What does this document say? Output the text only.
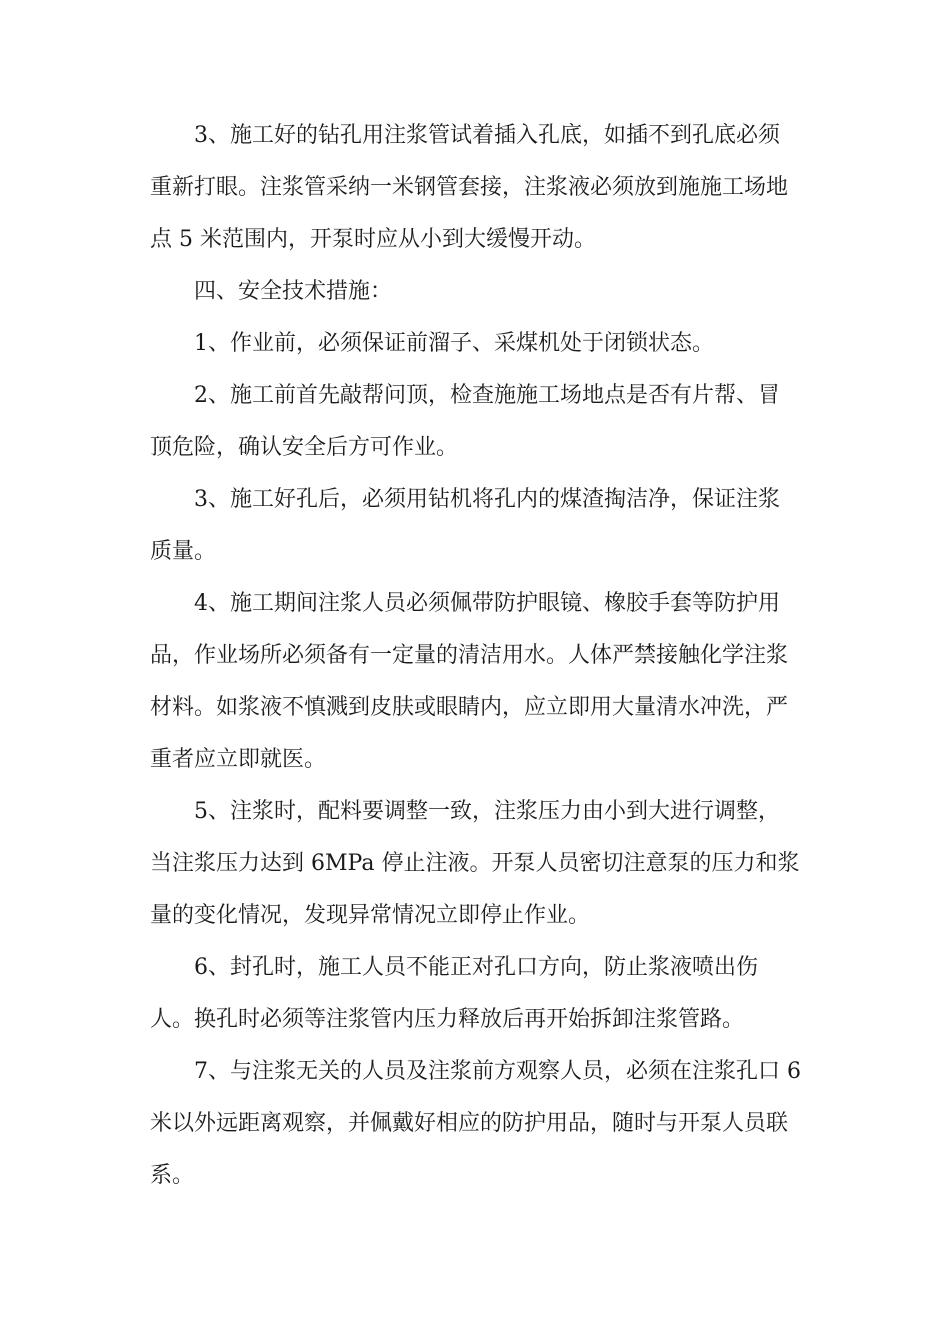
3、施工好的钻孔用注浆管试着插入孔底，如插不到孔底必须
重新打眼。注浆管采纳一米钢管套接，注浆液必须放到施施工场地
点 5 米范围内，开泵时应从小到大缓慢开动。
四、安全技术措施：
1、作业前，必须保证前溜子、采煤机处于闭锁状态。
2、施工前首先敲帮问顶，检查施施工场地点是否有片帮、冒
顶危险，确认安全后方可作业。
3、施工好孔后，必须用钻机将孔内的煤渣掏洁净，保证注浆
质量。
4、施工期间注浆人员必须佩带防护眼镜、橡胶手套等防护用
品，作业场所必须备有一定量的清洁用水。人体严禁接触化学注浆
材料。如浆液不慎溅到皮肤或眼睛内，应立即用大量清水冲洗，严
重者应立即就医。
5、注浆时，配料要调整一致，注浆压力由小到大进行调整，
当注浆压力达到 6MPa 停止注液。开泵人员密切注意泵的压力和浆
量的变化情况，发现异常情况立即停止作业。
6、封孔时，施工人员不能正对孔口方向，防止浆液喷出伤
人。换孔时必须等注浆管内压力释放后再开始拆卸注浆管路。
7、与注浆无关的人员及注浆前方观察人员，必须在注浆孔口 6
米以外远距离观察，并佩戴好相应的防护用品，随时与开泵人员联
系。
